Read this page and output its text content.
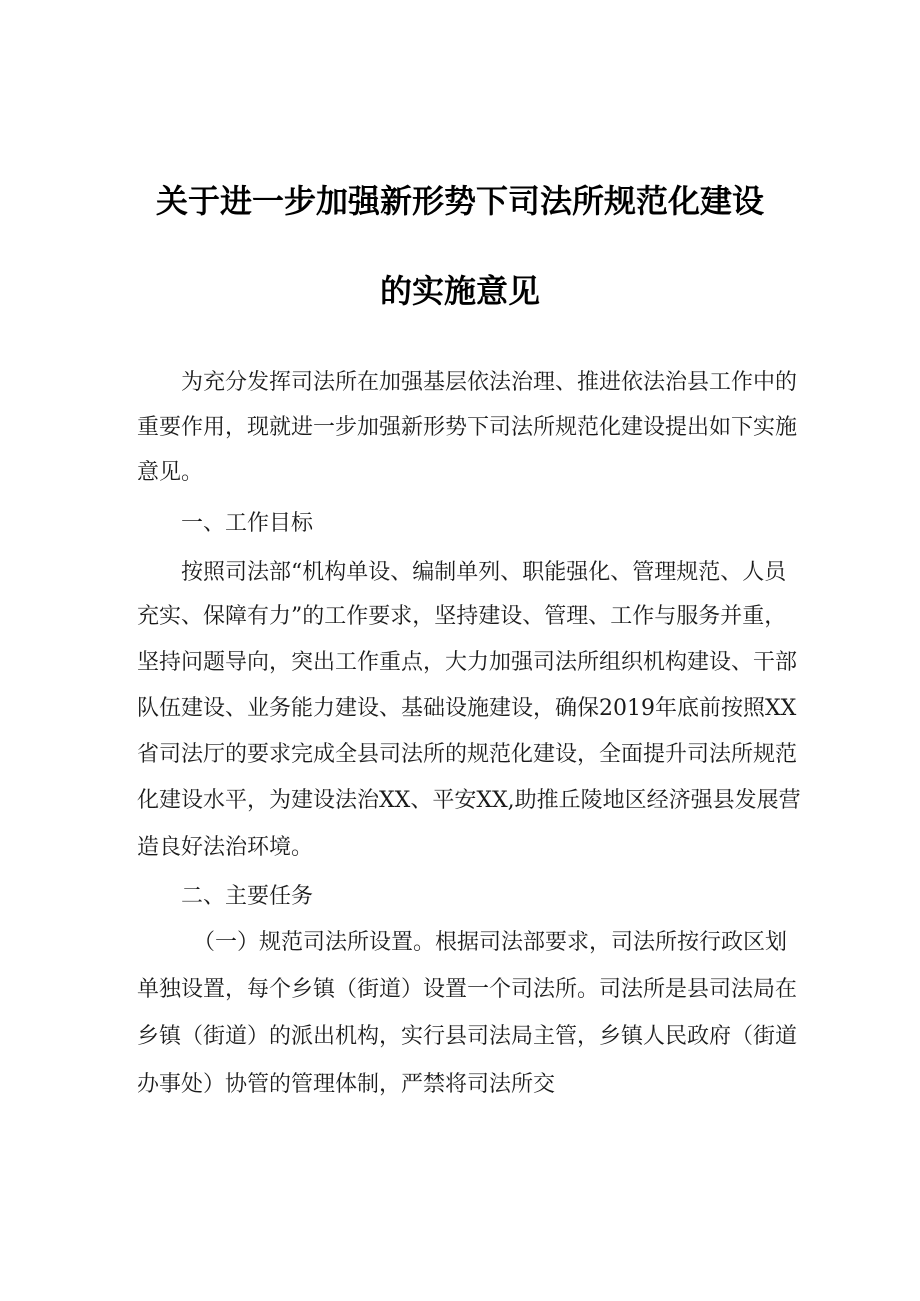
关于进一步加强新形势下司法所规范化建设
的实施意见
为充分发挥司法所在加强基层依法治理、推进依法治县工作中的
重要作用，现就进一步加强新形势下司法所规范化建设提出如下实施
意见。
一、工作目标
按照司法部“机构单设、编制单列、职能强化、管理规范、人员
充实、保障有力”的工作要求，坚持建设、管理、工作与服务并重，
坚持问题导向，突出工作重点，大力加强司法所组织机构建设、干部
队伍建设、业务能力建设、基础设施建设，确保2019年底前按照XX
省司法厅的要求完成全县司法所的规范化建设，全面提升司法所规范
化建设水平，为建设法治XX、平安XX,助推丘陵地区经济强县发展营
造良好法治环境。
二、主要任务
（一）规范司法所设置。根据司法部要求，司法所按行政区划
单独设置，每个乡镇（街道）设置一个司法所。司法所是县司法局在
乡镇（街道）的派出机构，实行县司法局主管，乡镇人民政府（街道
办事处）协管的管理体制，严禁将司法所交
